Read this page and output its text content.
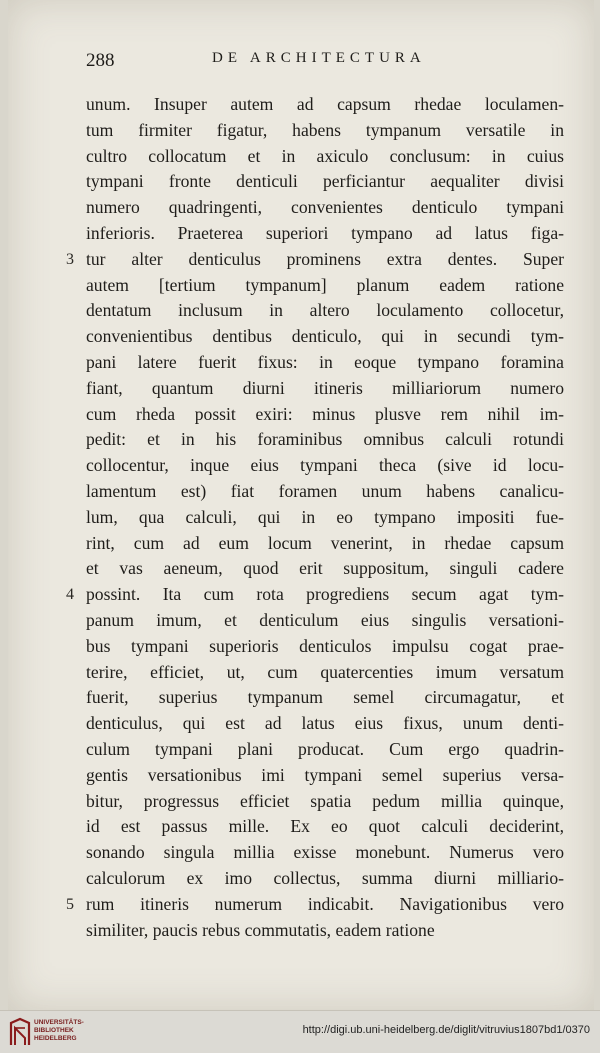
288	DE ARCHITECTURA
unum. Insuper autem ad capsum rhedae loculamen-
tum firmiter figatur, habens tympanum versatile in
cultro collocatum et in axiculo conclusum: in cuius
tympani fronte denticuli perficiantur aequaliter divisi
numero quadringenti, convenientes denticulo tympani
inferioris. Praeterea superiori tympano ad latus figa-
3 tur alter denticulus prominens extra dentes. Super
autem [tertium tympanum] planum eadem ratione
dentatum inclusum in altero loculamento collocetur,
convenientibus dentibus denticulo, qui in secundi tym-
pani latere fuerit fixus: in eoque tympano foramina
fiant, quantum diurni itineris milliariorum numero
cum rheda possit exiri: minus plusve rem nihil im-
pedit: et in his foraminibus omnibus calculi rotundi
collocentur, inque eius tympani theca (sive id locu-
lamentum est) fiat foramen unum habens canalicu-
lum, qua calculi, qui in eo tympano impositi fue-
rint, cum ad eum locum venerint, in rhedae capsum
et vas aeneum, quod erit suppositum, singuli cadere
4 possint. Ita cum rota progrediens secum agat tym-
panum imum, et denticulum eius singulis versationi-
bus tympani superioris denticulos impulsu cogat prae-
terire, efficiet, ut, cum quatercenties imum versatum
fuerit, superius tympanum semel circumagatur, et
denticulus, qui est ad latus eius fixus, unum denti-
culum tympani plani producat. Cum ergo quadrin-
gentis versationibus imi tympani semel superius versa-
bitur, progressus efficiet spatia pedum millia quinque,
id est passus mille. Ex eo quot calculi deciderint,
sonando singula millia exisse monebunt. Numerus vero
calculorum ex imo collectus, summa diurni milliario-
5 rum itineris numerum indicabit. Navigationibus vero
similiter, paucis rebus commutatis, eadem ratione
UNIVERSITÄTS-
BIBLIOTHEK
HEIDELBERG
http://digi.ub.uni-heidelberg.de/diglit/vitruvius1807bd1/0370
